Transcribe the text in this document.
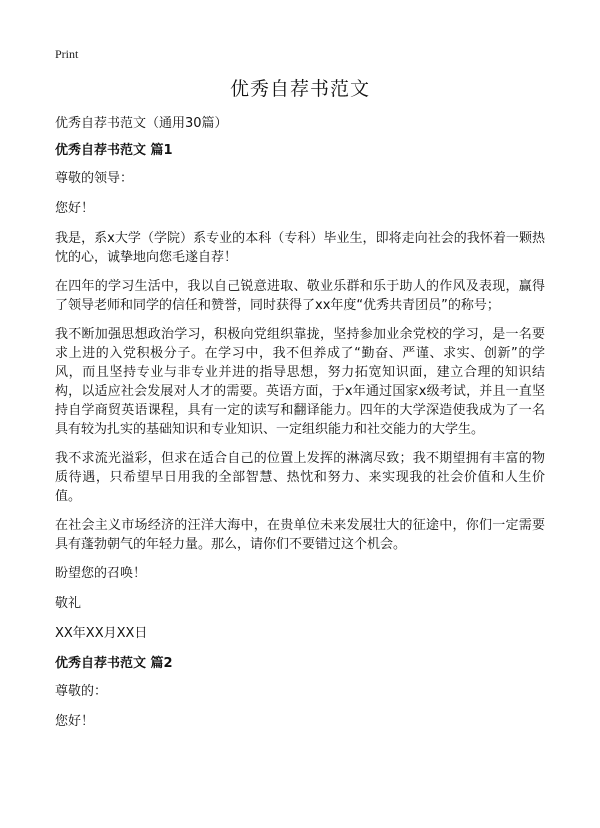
Print
优秀自荐书范文
优秀自荐书范文（通用30篇）
优秀自荐书范文 篇1
尊敬的领导：
您好！
我是，系x大学（学院）系专业的本科（专科）毕业生，即将走向社会的我怀着一颗热忱的心，诚挚地向您毛遂自荐！
在四年的学习生活中，我以自己锐意进取、敬业乐群和乐于助人的作风及表现，赢得了领导老师和同学的信任和赞誉，同时获得了xx年度“优秀共青团员”的称号；
我不断加强思想政治学习，积极向党组织靠拢，坚持参加业余党校的学习，是一名要求上进的入党积极分子。在学习中，我不但养成了“勤奋、严谨、求实、创新”的学风，而且坚持专业与非专业并进的指导思想，努力拓宽知识面，建立合理的知识结构，以适应社会发展对人才的需要。英语方面，于x年通过国家x级考试，并且一直坚持自学商贸英语课程，具有一定的读写和翻译能力。四年的大学深造使我成为了一名具有较为扎实的基础知识和专业知识、一定组织能力和社交能力的大学生。
我不求流光溢彩，但求在适合自己的位置上发挥的淋漓尽致；我不期望拥有丰富的物质待遇，只希望早日用我的全部智慧、热忱和努力、来实现我的社会价值和人生价值。
在社会主义市场经济的汪洋大海中，在贵单位未来发展壮大的征途中，你们一定需要具有蓬勃朝气的年轻力量。那么，请你们不要错过这个机会。
盼望您的召唤！
敬礼
XX年XX月XX日
优秀自荐书范文 篇2
尊敬的：
您好！
